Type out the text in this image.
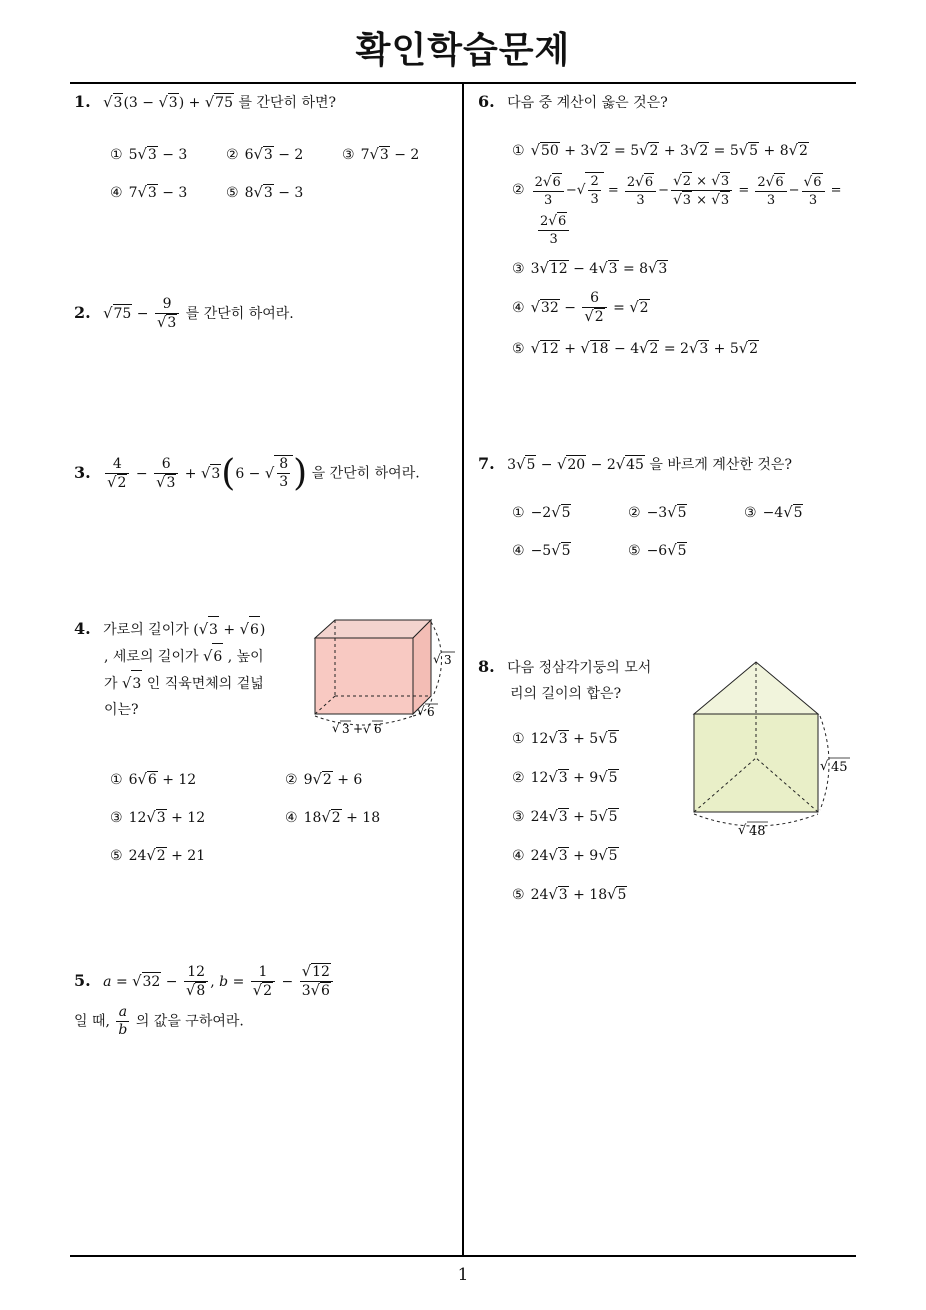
확인학습문제
1
1. √3(3 − √3) + √75 를 간단히 하면?
① 5√3 − 3	② 6√3 − 2	③ 7√3 − 2
④ 7√3 − 3	⑤ 8√3 − 3
2. $√75 - \frac{9}{√3}$ 를 간단히 하여라.
3. $\frac{4}{√2} - \frac{6}{√3} + √3(6$ − √ $\frac{8}{3}$ ) 을 간단히 하여라.
4. 가로의 길이가 (√3 + √6)
, 세로의 길이가 √6 , 높이
가 √3 인 직육면체의 겉넓
이는?
√ 3
√ 6
√ 3 +√ 6
① 6√6 + 12	② 9√2 + 6
③ 12√3 + 12	④ 18√2 + 18
⑤ 24√2 + 21
5. $a = √32 - \frac{12}{√8}$ , $b = \frac{1}{√2} - \frac{√12}{3√6}$
일 때, $\frac{a}{b}$ 의 값을 구하여라.
6. 다음 중 계산이 옳은 것은?
① √50 + 3√2 = 5√2 + 3√2 = 5√5 + 8√2
② $\frac{2√6}{3}$ −√ $\frac{2}{3} = \frac{2√6}{3} - \frac{√2 \times √3}{√3 \times √3} = \frac{2√6}{3} - \frac{√6}{3}$ =
$\frac{2√6}{3}$
③ 3√12 − 4√3 = 8√3
④ $√32 - \frac{6}{√2} = √2$
⑤ √12 + √18 − 4√2 = 2√3 + 5√2
7. 3√5 − √20 − 2√45 을 바르게 계산한 것은?
① −2√5	② −3√5	③ −4√5
④ −5√5	⑤ −6√5
8. 다음 정삼각기둥의 모서
리의 길이의 합은?
√ 45
√ 48
① 12√3 + 5√5
② 12√3 + 9√5
③ 24√3 + 5√5
④ 24√3 + 9√5
⑤ 24√3 + 18√5
